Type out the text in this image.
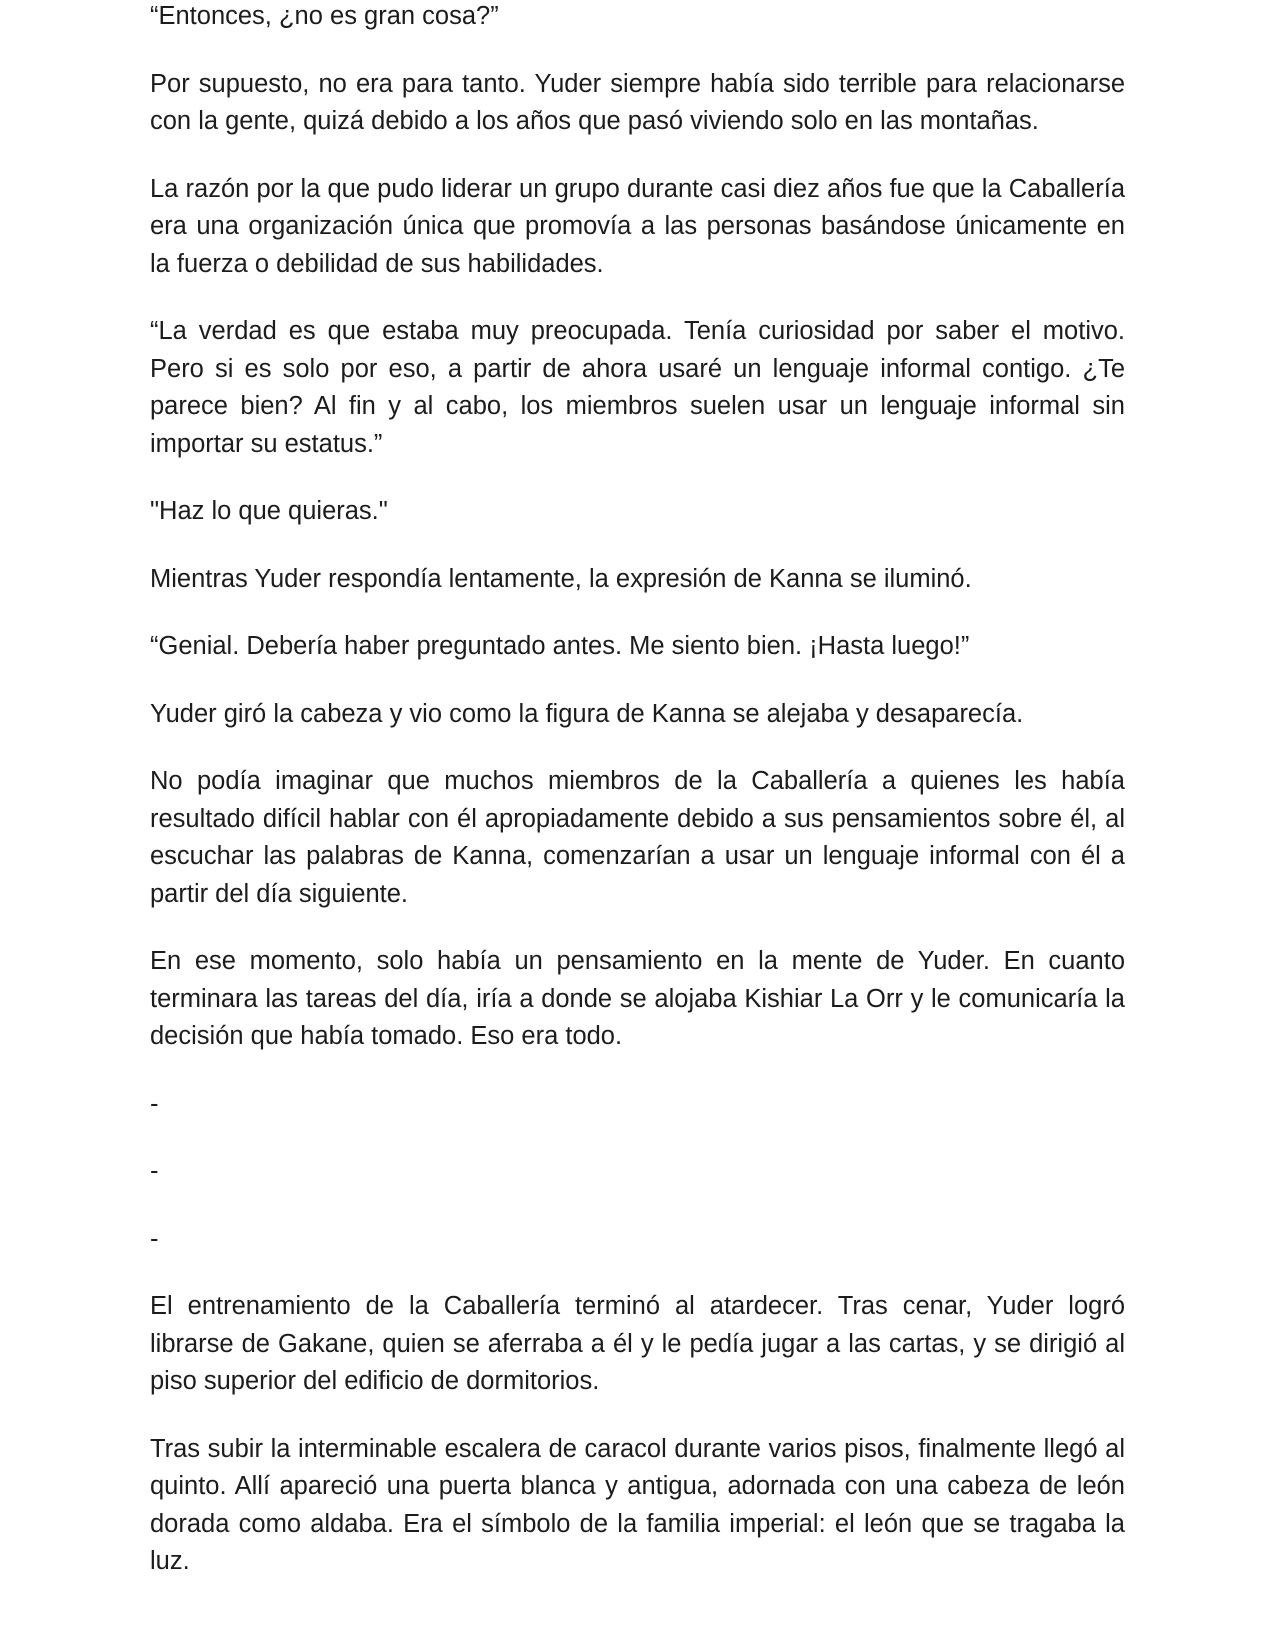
“Entonces, ¿no es gran cosa?”

Por supuesto, no era para tanto. Yuder siempre había sido terrible para relacionarse con la gente, quizá debido a los años que pasó viviendo solo en las montañas.

La razón por la que pudo liderar un grupo durante casi diez años fue que la Caballería era una organización única que promovía a las personas basándose únicamente en la fuerza o debilidad de sus habilidades.

“La verdad es que estaba muy preocupada. Tenía curiosidad por saber el motivo. Pero si es solo por eso, a partir de ahora usaré un lenguaje informal contigo. ¿Te parece bien? Al fin y al cabo, los miembros suelen usar un lenguaje informal sin importar su estatus.”

"Haz lo que quieras."

Mientras Yuder respondía lentamente, la expresión de Kanna se iluminó.

“Genial. Debería haber preguntado antes. Me siento bien. ¡Hasta luego!”

Yuder giró la cabeza y vio como la figura de Kanna se alejaba y desaparecía.

No podía imaginar que muchos miembros de la Caballería a quienes les había resultado difícil hablar con él apropiadamente debido a sus pensamientos sobre él, al escuchar las palabras de Kanna, comenzarían a usar un lenguaje informal con él a partir del día siguiente.

En ese momento, solo había un pensamiento en la mente de Yuder. En cuanto terminara las tareas del día, iría a donde se alojaba Kishiar La Orr y le comunicaría la decisión que había tomado. Eso era todo.

-

-

-

El entrenamiento de la Caballería terminó al atardecer. Tras cenar, Yuder logró librarse de Gakane, quien se aferraba a él y le pedía jugar a las cartas, y se dirigió al piso superior del edificio de dormitorios.

Tras subir la interminable escalera de caracol durante varios pisos, finalmente llegó al quinto. Allí apareció una puerta blanca y antigua, adornada con una cabeza de león dorada como aldaba. Era el símbolo de la familia imperial: el león que se tragaba la luz.
